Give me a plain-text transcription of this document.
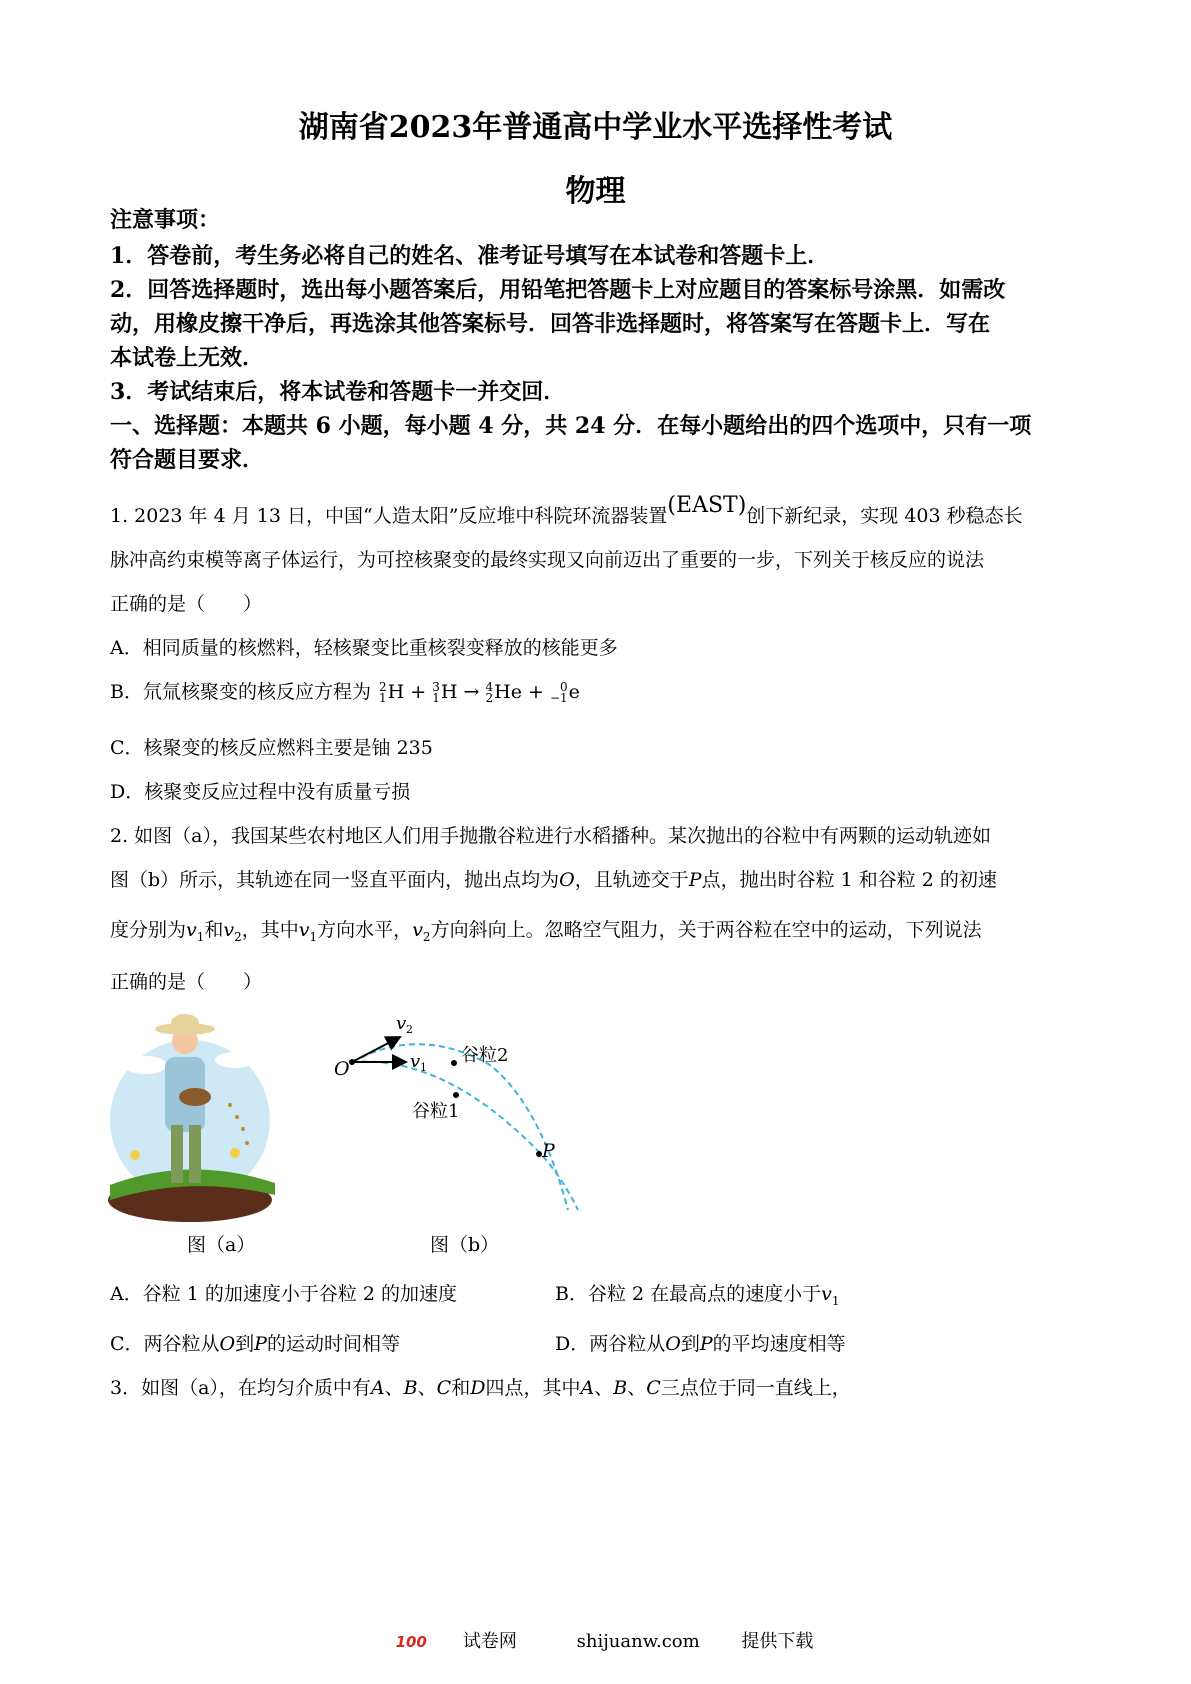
湖南省2023年普通高中学业水平选择性考试
物理
注意事项：
1．答卷前，考生务必将自己的姓名、准考证号填写在本试卷和答题卡上．
2．回答选择题时，选出每小题答案后，用铅笔把答题卡上对应题目的答案标号涂黑．如需改
动，用橡皮擦干净后，再选涂其他答案标号．回答非选择题时，将答案写在答题卡上．写在
本试卷上无效．
3．考试结束后，将本试卷和答题卡一并交回．
一、选择题：本题共 6 小题，每小题 4 分，共 24 分．在每小题给出的四个选项中，只有一项
符合题目要求．
1. 2023 年 4 月 13 日，中国“人造太阳”反应堆中科院环流器装置(EAST)创下新纪录，实现 403 秒稳态长
脉冲高约束模等离子体运行，为可控核聚变的最终实现又向前迈出了重要的一步，下列关于核反应的说法
正确的是（　　）
A．相同质量的核燃料，轻核聚变比重核裂变释放的核能更多
B．氘氚核聚变的核反应方程为 2
1H + 3
1H → 4
2He + 0
−1e
C．核聚变的核反应燃料主要是铀 235
D．核聚变反应过程中没有质量亏损
2. 如图（a），我国某些农村地区人们用手抛撒谷粒进行水稻播种。某次抛出的谷粒中有两颗的运动轨迹如
图（b）所示，其轨迹在同一竖直平面内，抛出点均为O，且轨迹交于P点，抛出时谷粒 1 和谷粒 2 的初速
度分别为$v_1$和$v_2$，其中$v_1$方向水平，$v_2$方向斜向上。忽略空气阻力，关于两谷粒在空中的运动，下列说法
正确的是（　　）
O
v 2
v 1
谷粒2
谷粒1
P
图（a）	图（b）
A．谷粒 1 的加速度小于谷粒 2 的加速度	B．谷粒 2 在最高点的速度小于$v_1$
C．两谷粒从O到P的运动时间相等	D．两谷粒从O到P的平均速度相等
3．如图（a），在均匀介质中有A、B、C和D四点，其中A、B、C三点位于同一直线上，
100 试卷网	shijuanw.com 提供下载
